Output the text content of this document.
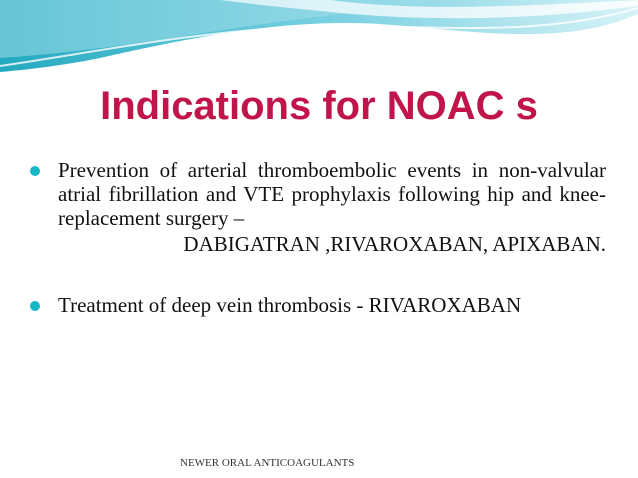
Indications for NOAC s
Prevention of arterial thromboembolic events in non-valvular atrial fibrillation and VTE prophylaxis following hip and knee-replacement surgery –
DABIGATRAN ,RIVAROXABAN, APIXABAN.
Treatment of deep vein thrombosis - RIVAROXABAN
NEWER ORAL ANTICOAGULANTS
